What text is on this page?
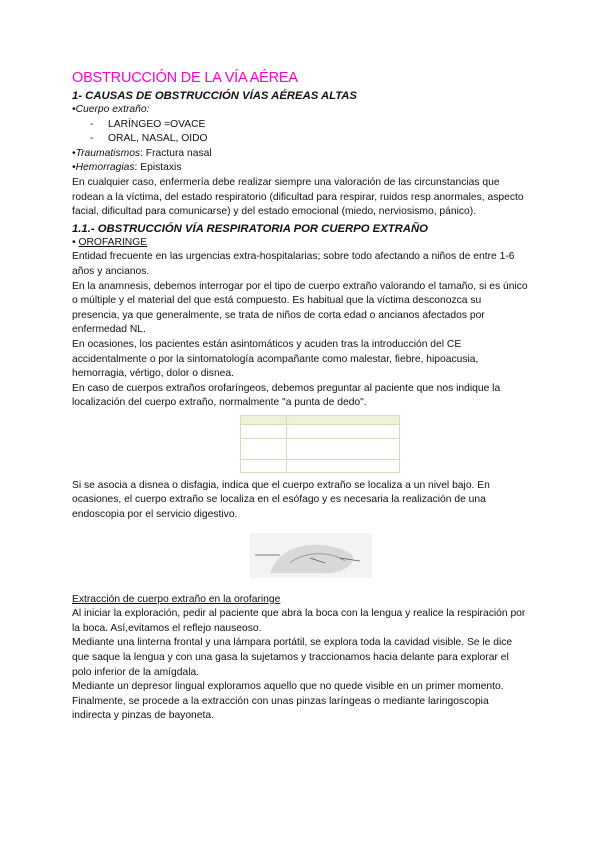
OBSTRUCCIÓN DE LA VÍA AÉREA
1- CAUSAS DE OBSTRUCCIÓN VÍAS AÉREAS ALTAS
•Cuerpo extraño:
-	LARÍNGEO =OVACE
-	ORAL, NASAL, OIDO
•Traumatismos: Fractura nasal
•Hemorragias: Epistaxis
En cualquier caso, enfermería debe realizar siempre una valoración de las circunstancias que rodean a la víctima, del estado respiratorio (dificultad para respirar, ruidos resp anormales, aspecto facial, dificultad para comunicarse) y del estado emocional (miedo, nerviosismo, pánico).
1.1.- OBSTRUCCIÓN VÍA RESPIRATORIA POR CUERPO EXTRAÑO
• OROFARINGE
Entidad frecuente en las urgencias extra-hospitalarias; sobre todo afectando a niños de entre 1-6 años y ancianos.
En la anamnesis, debemos interrogar por el tipo de cuerpo extraño valorando el tamaño, si es único o múltiple y el material del que está compuesto. Es habitual que la víctima desconozca su presencia, ya que generalmente, se trata de niños de corta edad o ancianos afectados por enfermedad NL.
En ocasiones, los pacientes están asintomáticos y acuden tras la introducción del CE accidentalmente o por la sintomatología acompañante como malestar, fiebre, hipoacusia, hemorragia, vértigo, dolor o disnea.
En caso de cuerpos extraños orofaríngeos, debemos preguntar al paciente que nos indique la localización del cuerpo extraño, normalmente "a punta de dedo".
·	·
·	·
·	·
·	·
Si se asocia a disnea o disfagia, indica que el cuerpo extraño se localiza a un nivel bajo. En ocasiones, el cuerpo extraño se localiza en el esófago y es necesaria la realización de una endoscopia por el servicio digestivo.
Extracción de cuerpo extraño en la orofaringe
Al iniciar la exploración, pedir al paciente que abra la boca con la lengua y realice la respiración por la boca. Así,evitamos el reflejo nauseoso.
Mediante una linterna frontal y una lámpara portátil, se explora toda la cavidad visible. Se le dice que saque la lengua y con una gasa la sujetamos y traccionamos hacia delante para explorar el polo inferior de la amígdala.
Mediante un depresor lingual exploramos aquello que no quede visible en un primer momento.
Finalmente, se procede a la extracción con unas pinzas laríngeas o mediante laringoscopia indirecta y pinzas de bayoneta.
